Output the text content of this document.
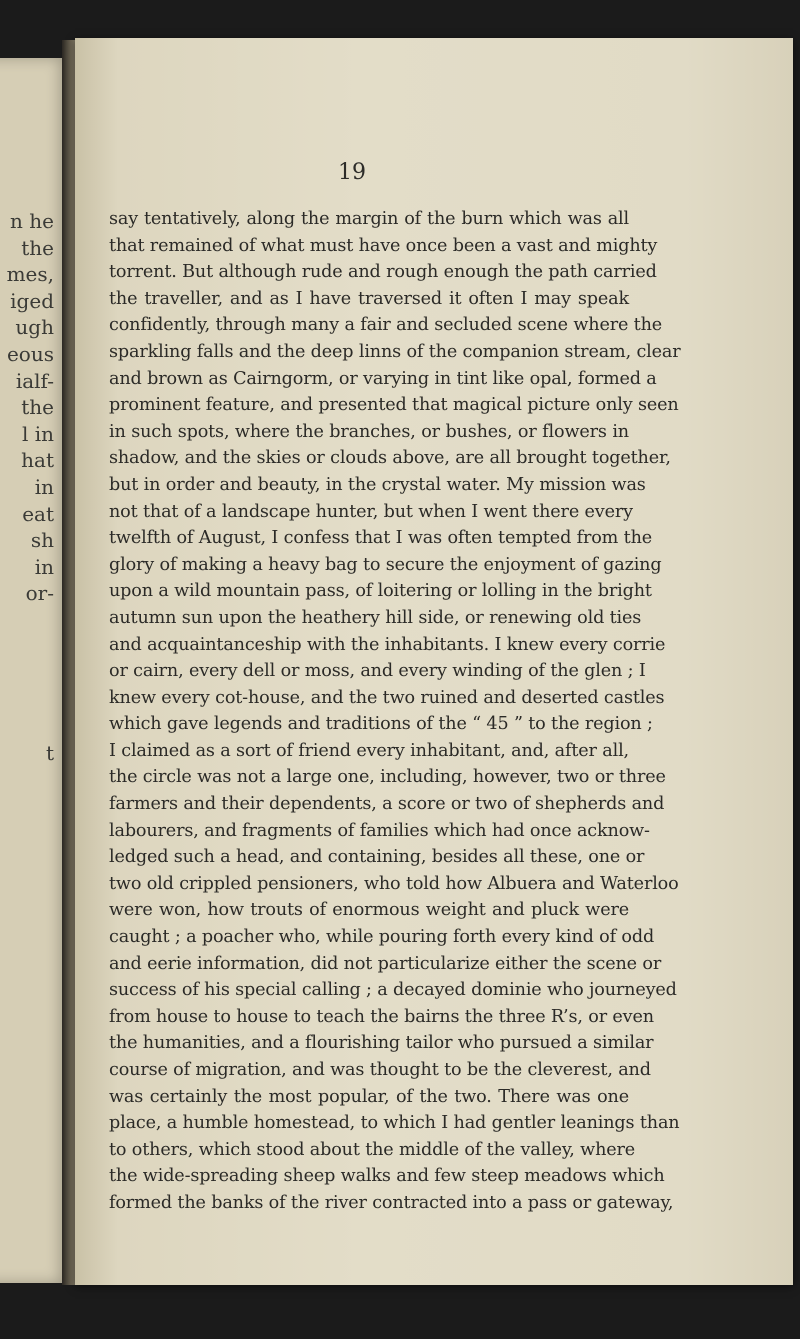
n he
the
mes,
iged
ugh
eous
ialf-
the
l in
hat
in
eat
sh
in
or-
t
19
say tentatively, along the margin of the burn which was all
that remained of what must have once been a vast and mighty
torrent. But although rude and rough enough the path carried
the traveller, and as I have traversed it often I may speak
confidently, through many a fair and secluded scene where the
sparkling falls and the deep linns of the companion stream, clear
and brown as Cairngorm, or varying in tint like opal, formed a
prominent feature, and presented that magical picture only seen
in such spots, where the branches, or bushes, or flowers in
shadow, and the skies or clouds above, are all brought together,
but in order and beauty, in the crystal water. My mission was
not that of a landscape hunter, but when I went there every
twelfth of August, I confess that I was often tempted from the
glory of making a heavy bag to secure the enjoyment of gazing
upon a wild mountain pass, of loitering or lolling in the bright
autumn sun upon the heathery hill side, or renewing old ties
and acquaintanceship with the inhabitants. I knew every corrie
or cairn, every dell or moss, and every winding of the glen ; I
knew every cot-house, and the two ruined and deserted castles
which gave legends and traditions of the “ 45 ” to the region ;
I claimed as a sort of friend every inhabitant, and, after all,
the circle was not a large one, including, however, two or three
farmers and their dependents, a score or two of shepherds and
labourers, and fragments of families which had once acknow-
ledged such a head, and containing, besides all these, one or
two old crippled pensioners, who told how Albuera and Waterloo
were won, how trouts of enormous weight and pluck were
caught ; a poacher who, while pouring forth every kind of odd
and eerie information, did not particularize either the scene or
success of his special calling ; a decayed dominie who journeyed
from house to house to teach the bairns the three R’s, or even
the humanities, and a flourishing tailor who pursued a similar
course of migration, and was thought to be the cleverest, and
was certainly the most popular, of the two. There was one
place, a humble homestead, to which I had gentler leanings than
to others, which stood about the middle of the valley, where
the wide-spreading sheep walks and few steep meadows which
formed the banks of the river contracted into a pass or gateway,
